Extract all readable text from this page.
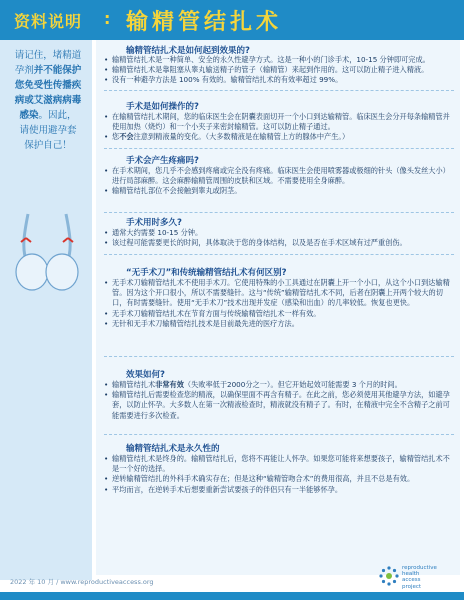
资料说明 : 输精管结扎术
请记住，堵精道
孕剂并不能保护
您免受性传播疾
病或艾滋病病毒
感染。因此，
请使用避孕套
保护自己！
输精管结扎术是如何起到效果的?
• 输精管结扎术是一种简单、安全的永久性避孕方式。这是一种小的门诊手术，10-15 分钟即可完成。
• 输精管结扎术是靠阻塞从睾丸输送精子的管子（输精管）来起到作用的。这可以防止精子进入精液。
• 没有一种避孕方法是 100% 有效的。输精管结扎术的有效率超过 99%。
手术是如何操作的?
• 在输精管结扎术期间，您的临床医生会在阴囊表面切开一个小口到达输精管。临床医生会分开每条输精管并使用加热（烧灼）和一个小夹子来密封输精管。这可以防止精子通过。
• 您不会注意到精液量的变化。（大多数精液是在输精管上方的腺体中产生。）
手术会产生疼痛吗?
• 在手术期间，您几乎不会感到疼痛或完全没有疼痛。临床医生会使用喷雾器或极细的针头（像头发丝大小）进行局部麻醉。这会麻醉输精管周围的皮肤和区域。不需要使用全身麻醉。
• 输精管结扎部位不会接触到睾丸或阴茎。
手术用时多久?
• 通常大约需要 10-15 分钟。
• 该过程可能需要更长的时间，具体取决于您的身体结构，以及是否在手术区域有过严重创伤。
“无手术刀”和传统输精管结扎术有何区别?
• 无手术刀输精管结扎术不使用手术刀。它使用特殊的小工具通过在阴囊上开一个小口，从这个小口到达输精管。因为这个开口很小，所以不需要缝针。这与“传统”输精管结扎术不同，后者在阴囊上开两个较大的切口，有时需要缝针。使用“无手术刀”技术出现并发症（感染和出血）的几率较低。恢复也更快。
• 无手术刀输精管结扎术在节育方面与传统输精管结扎术一样有效。
• 无针和无手术刀输精管结扎技术是目前最先进的医疗方法。
效果如何?
• 输精管结扎术非常有效（失败率低于2000分之一）。但它开始起效可能需要 3 个月的时间。
• 输精管结扎后需要检查您的精液，以确保里面不再含有精子。在此之前，您必须使用其他避孕方法，如避孕套，以防止怀孕。大多数人在第一次精液检查时，精液就没有精子了。有时，在精液中完全不含精子之前可能需要进行多次检查。
输精管结扎术是永久性的
• 输精管结扎术是终身的。输精管结扎后，您将不再能让人怀孕。如果您可能将来想要孩子，输精管结扎术不是一个好的选择。
• 逆转输精管结扎的外科手术确实存在；但是这种“输精管吻合术”的费用很高，并且不总是有效。
• 平均而言，在逆转手术后想要重新尝试要孩子的伴侣只有一半能够怀孕。
2022 年 10 月 / www.reproductiveaccess.org
reproductive
health
access
project
